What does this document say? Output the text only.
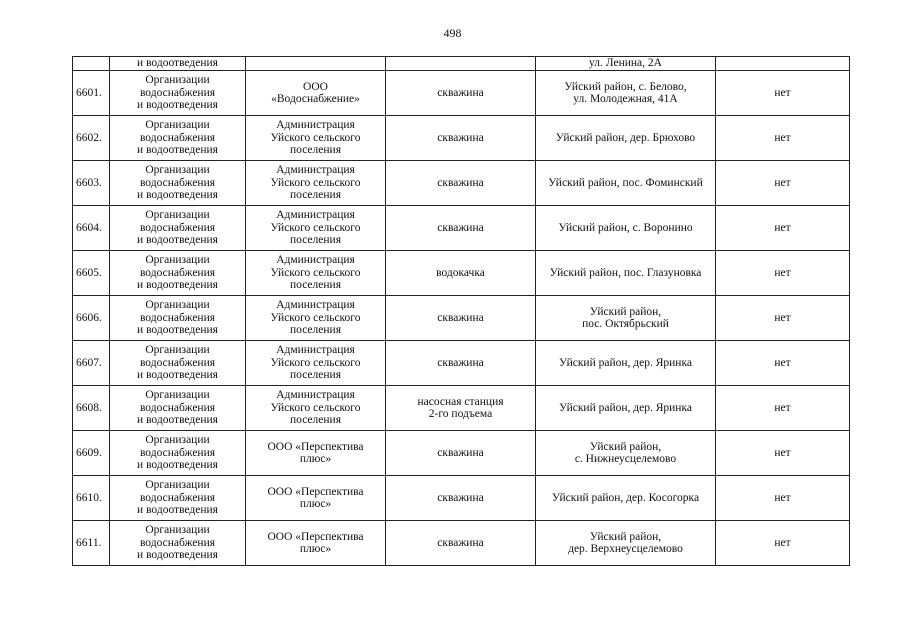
498
	и водоотведения			ул. Ленина, 2А	
6601.	Организации
водоснабжения
и водоотведения	ООО
«Водоснабжение»	скважина	Уйский район, с. Белово,
ул. Молодежная, 41А	нет
6602.	Организации
водоснабжения
и водоотведения	Администрация
Уйского сельского
поселения	скважина	Уйский район, дер. Брюхово	нет
6603.	Организации
водоснабжения
и водоотведения	Администрация
Уйского сельского
поселения	скважина	Уйский район, пос. Фоминский	нет
6604.	Организации
водоснабжения
и водоотведения	Администрация
Уйского сельского
поселения	скважина	Уйский район, с. Воронино	нет
6605.	Организации
водоснабжения
и водоотведения	Администрация
Уйского сельского
поселения	водокачка	Уйский район, пос. Глазуновка	нет
6606.	Организации
водоснабжения
и водоотведения	Администрация
Уйского сельского
поселения	скважина	Уйский район,
пос. Октябрьский	нет
6607.	Организации
водоснабжения
и водоотведения	Администрация
Уйского сельского
поселения	скважина	Уйский район, дер. Яринка	нет
6608.	Организации
водоснабжения
и водоотведения	Администрация
Уйского сельского
поселения	насосная станция
2-го подъема	Уйский район, дер. Яринка	нет
6609.	Организации
водоснабжения
и водоотведения	ООО «Перспектива
плюс»	скважина	Уйский район,
с. Нижнеусцелемово	нет
6610.	Организации
водоснабжения
и водоотведения	ООО «Перспектива
плюс»	скважина	Уйский район, дер. Косогорка	нет
6611.	Организации
водоснабжения
и водоотведения	ООО «Перспектива
плюс»	скважина	Уйский район,
дер. Верхнеусцелемово	нет
